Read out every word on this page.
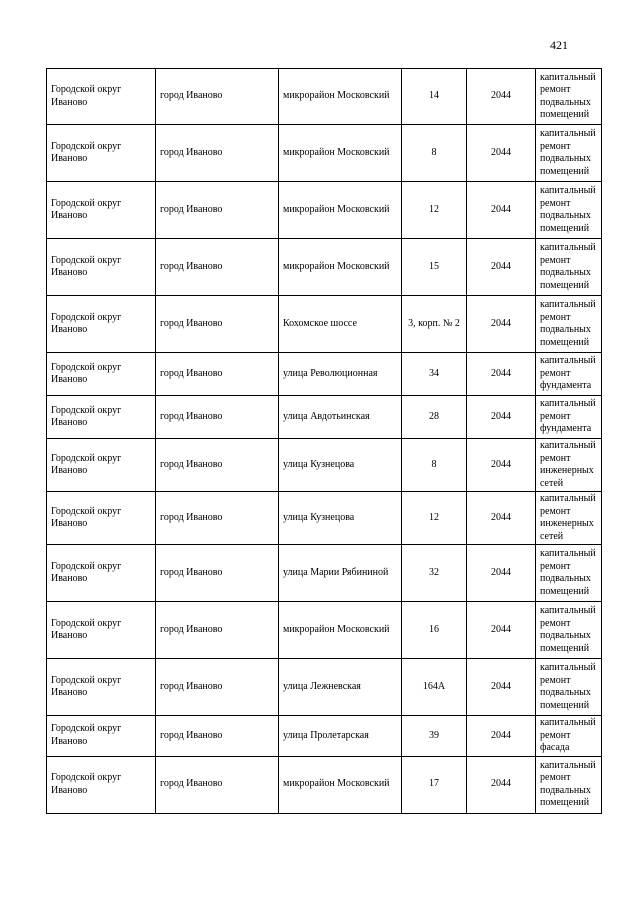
421
Городской округ Иваново	город Иваново	микрорайон Московский	14	2044	капитальный ремонт подвальных помещений
Городской округ Иваново	город Иваново	микрорайон Московский	8	2044	капитальный ремонт подвальных помещений
Городской округ Иваново	город Иваново	микрорайон Московский	12	2044	капитальный ремонт подвальных помещений
Городской округ Иваново	город Иваново	микрорайон Московский	15	2044	капитальный ремонт подвальных помещений
Городской округ Иваново	город Иваново	Кохомское шоссе	3, корп. № 2	2044	капитальный ремонт подвальных помещений
Городской округ Иваново	город Иваново	улица Революционная	34	2044	капитальный ремонт фундамента
Городской округ Иваново	город Иваново	улица Авдотьинская	28	2044	капитальный ремонт фундамента
Городской округ Иваново	город Иваново	улица Кузнецова	8	2044	капитальный ремонт инженерных сетей
Городской округ Иваново	город Иваново	улица Кузнецова	12	2044	капитальный ремонт инженерных сетей
Городской округ Иваново	город Иваново	улица Марии Рябининой	32	2044	капитальный ремонт подвальных помещений
Городской округ Иваново	город Иваново	микрорайон Московский	16	2044	капитальный ремонт подвальных помещений
Городской округ Иваново	город Иваново	улица Лежневская	164А	2044	капитальный ремонт подвальных помещений
Городской округ Иваново	город Иваново	улица Пролетарская	39	2044	капитальный ремонт фасада
Городской округ Иваново	город Иваново	микрорайон Московский	17	2044	капитальный ремонт подвальных помещений
